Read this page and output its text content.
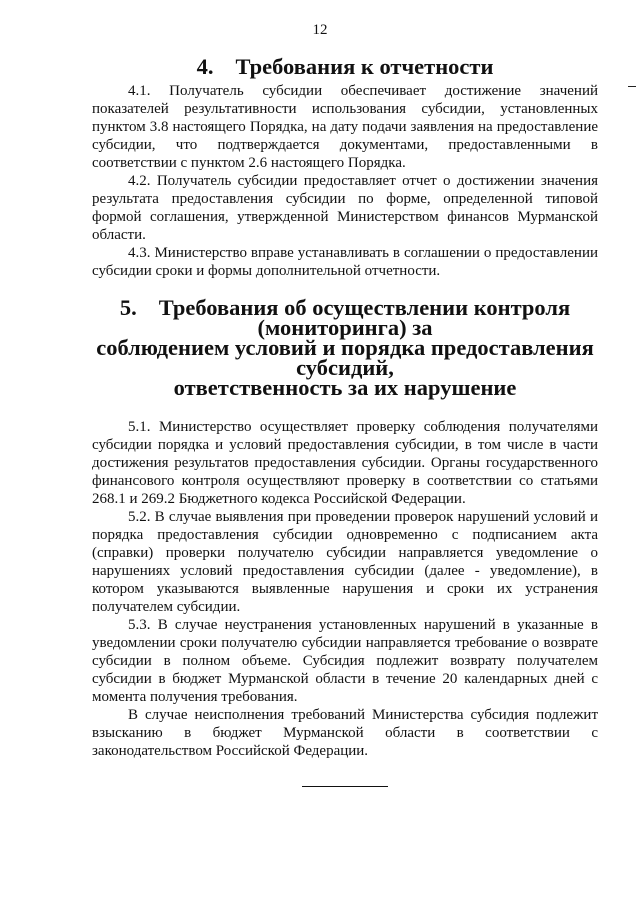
12
4. Требования к отчетности

4.1. Получатель субсидии обеспечивает достижение значений показателей результативности использования субсидии, установленных пунктом 3.8 настоящего Порядка, на дату подачи заявления на предоставление субсидии, что подтверждается документами, предоставленными в соответствии с пунктом 2.6 настоящего Порядка.

4.2. Получатель субсидии предоставляет отчет о достижении значения результата предоставления субсидии по форме, определенной типовой формой соглашения, утвержденной Министерством финансов Мурманской области.

4.3. Министерство вправе устанавливать в соглашении о предоставлении субсидии сроки и формы дополнительной отчетности.

5. Требования об осуществлении контроля (мониторинга) за
соблюдением условий и порядка предоставления субсидий,
ответственность за их нарушение

5.1. Министерство осуществляет проверку соблюдения получателями субсидии порядка и условий предоставления субсидии, в том числе в части достижения результатов предоставления субсидии. Органы государственного финансового контроля осуществляют проверку в соответствии со статьями 268.1 и 269.2 Бюджетного кодекса Российской Федерации.

5.2. В случае выявления при проведении проверок нарушений условий и порядка предоставления субсидии одновременно с подписанием акта (справки) проверки получателю субсидии направляется уведомление о нарушениях условий предоставления субсидии (далее - уведомление), в котором указываются выявленные нарушения и сроки их устранения получателем субсидии.

5.3. В случае неустранения установленных нарушений в указанные в уведомлении сроки получателю субсидии направляется требование о возврате субсидии в полном объеме. Субсидия подлежит возврату получателем субсидии в бюджет Мурманской области в течение 20 календарных дней с момента получения требования.

В случае неисполнения требований Министерства субсидия подлежит взысканию в бюджет Мурманской области в соответствии с законодательством Российской Федерации.
